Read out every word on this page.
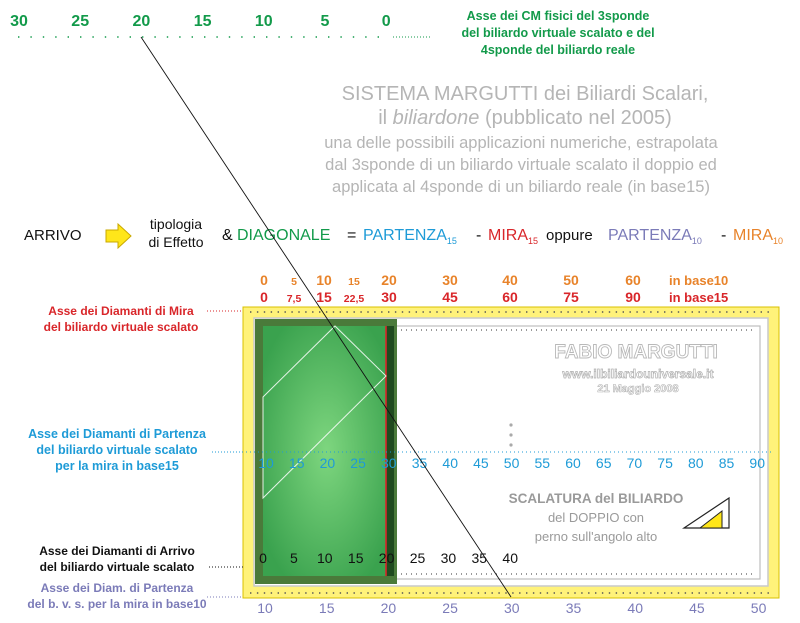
30	25	20	15	10	5	0	Asse dei CM fisici del 3sponde
del biliardo virtuale scalato e del
4sponde del biliardo reale
SISTEMA MARGUTTI dei Biliardi Scalari,
il biliardone (pubblicato nel 2005)
una delle possibili applicazioni numeriche, estrapolata
dal 3sponde di un biliardo virtuale scalato il doppio ed
applicata al 4sponde di un biliardo reale (in base15)
ARRIVO
tipologia
di Effetto & DIAGONALE = $PARTENZA_{15}$ - $MIRA_{15}$ oppure $PARTENZA_{10}$ - $MIRA_{10}$
0 5 10 15 20	30	40	50	60
0 7,5 15 22,5 30	45	60	75	90
in base10
in base15
FABIO MARGUTTI
www.ilbiliardouniversale.it
21 Maggio 2008
SCALATURA del BILIARDO
del DOPPIO con
perno sull'angolo alto
Asse dei Diamanti di Mira
del biliardo virtuale scalato
Asse dei Diamanti di Partenza
del biliardo virtuale scalato
per la mira in base15
Asse dei Diamanti di Arrivo
del biliardo virtuale scalato
Asse dei Diam. di Partenza
del b. v. s. per la mira in base10
10 15 20 25 30 35 40 45 50 55 60 65 70 75 80 85 90
0 5 10 15 20 25 30 35 40
10	15	20	25	30	35	40	45	50
